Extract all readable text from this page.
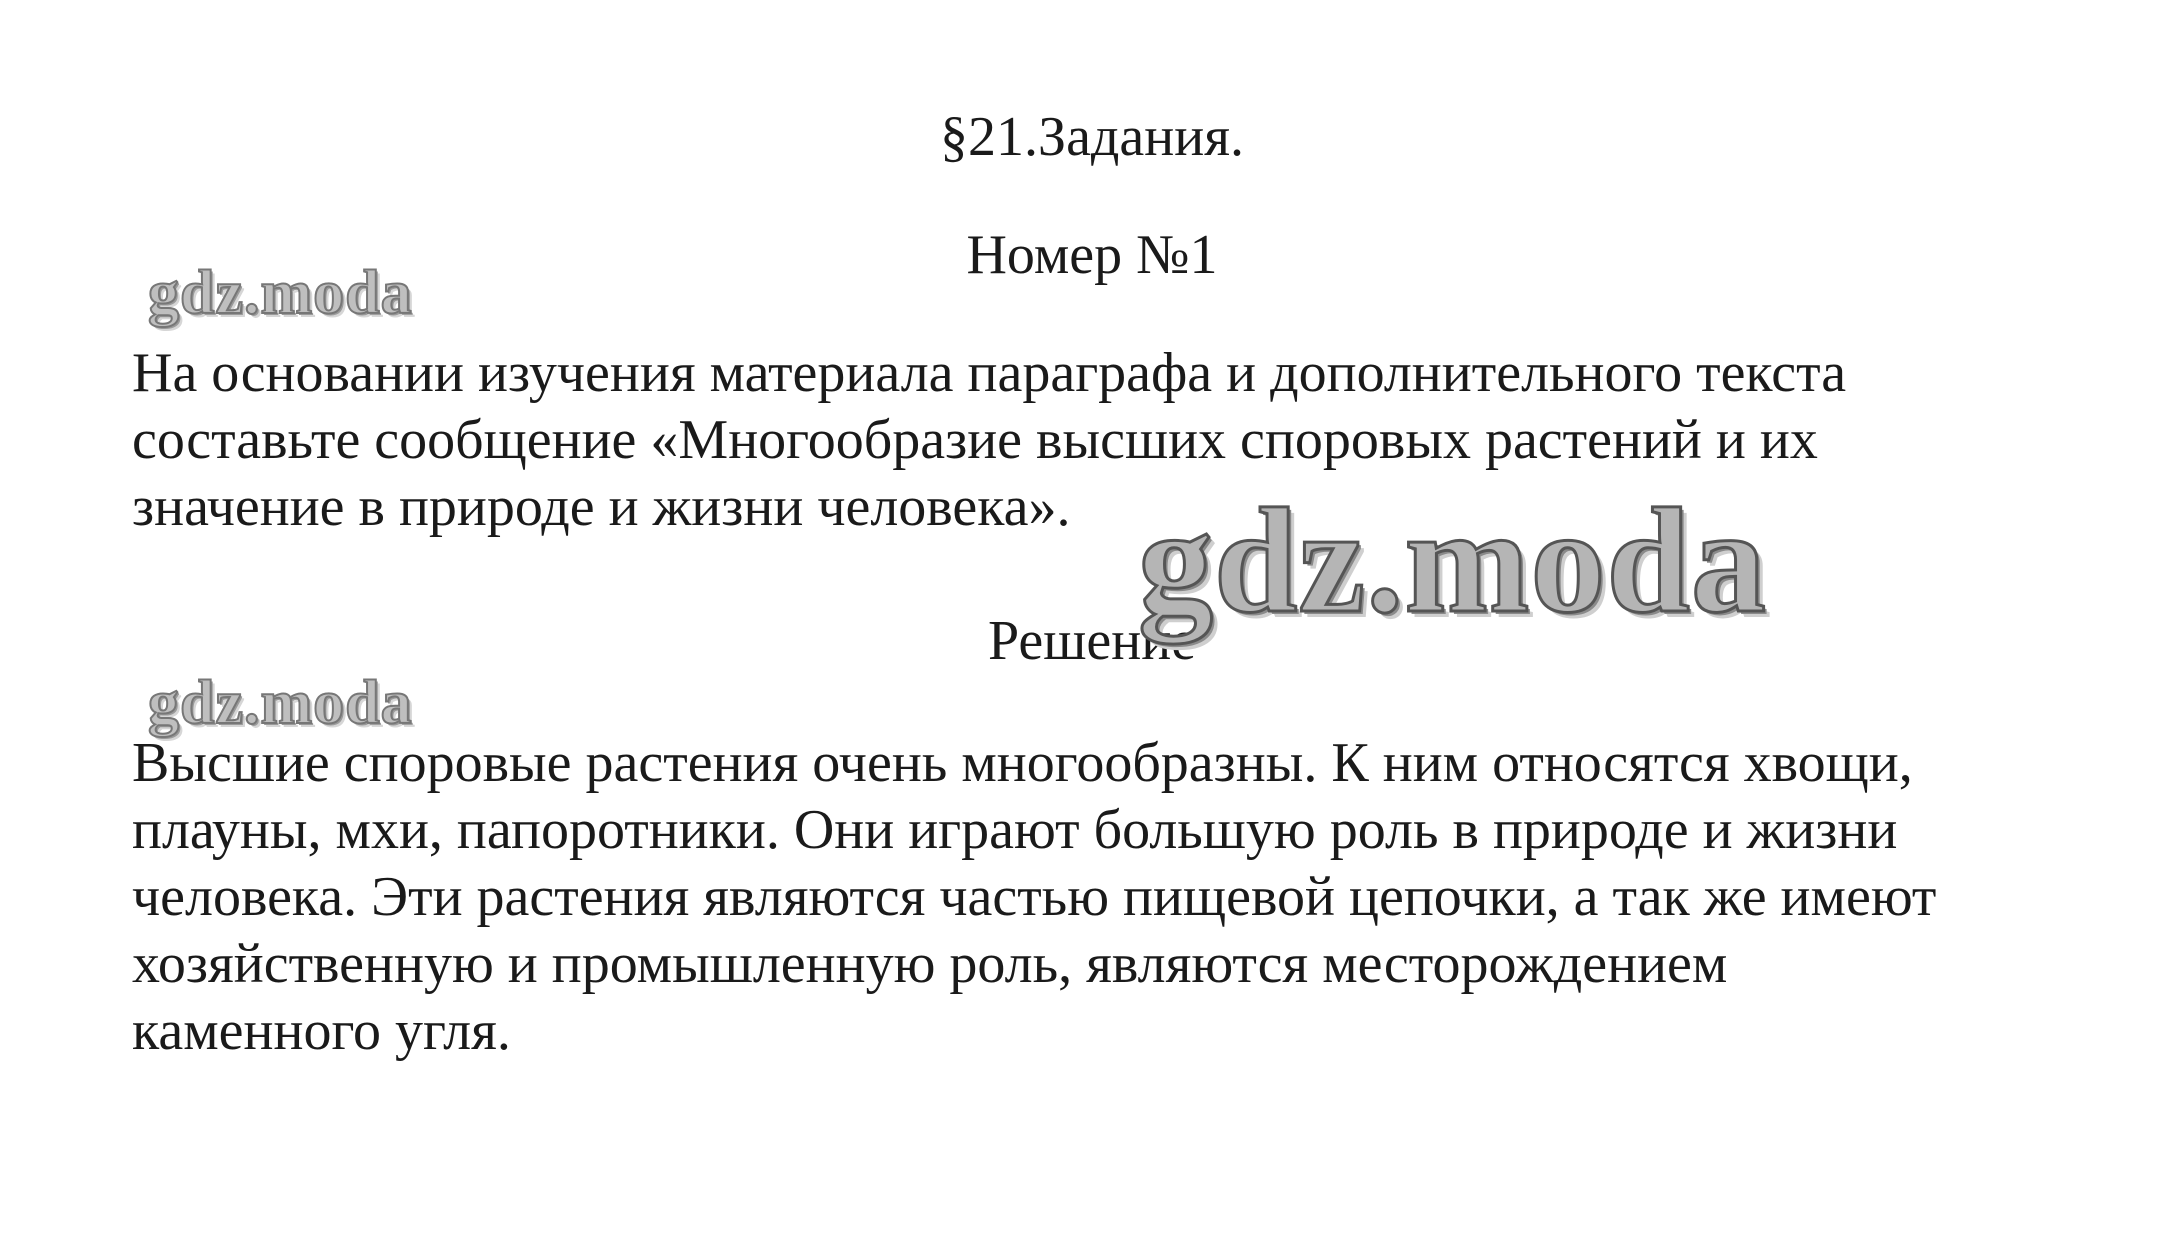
§21.Задания.
Номер №1
На основании изучения материала параграфа и дополнительного текста
составьте сообщение «Многообразие высших споровых растений и их
значение в природе и жизни человека».
Решение
Высшие споровые растения очень многообразны. К ним относятся хвощи,
плауны, мхи, папоротники. Они играют большую роль в природе и жизни
человека. Эти растения являются частью пищевой цепочки, а так же имеют
хозяйственную и промышленную роль, являются месторождением
каменного угля.
gdz.moda
gdz.moda
gdz.moda
